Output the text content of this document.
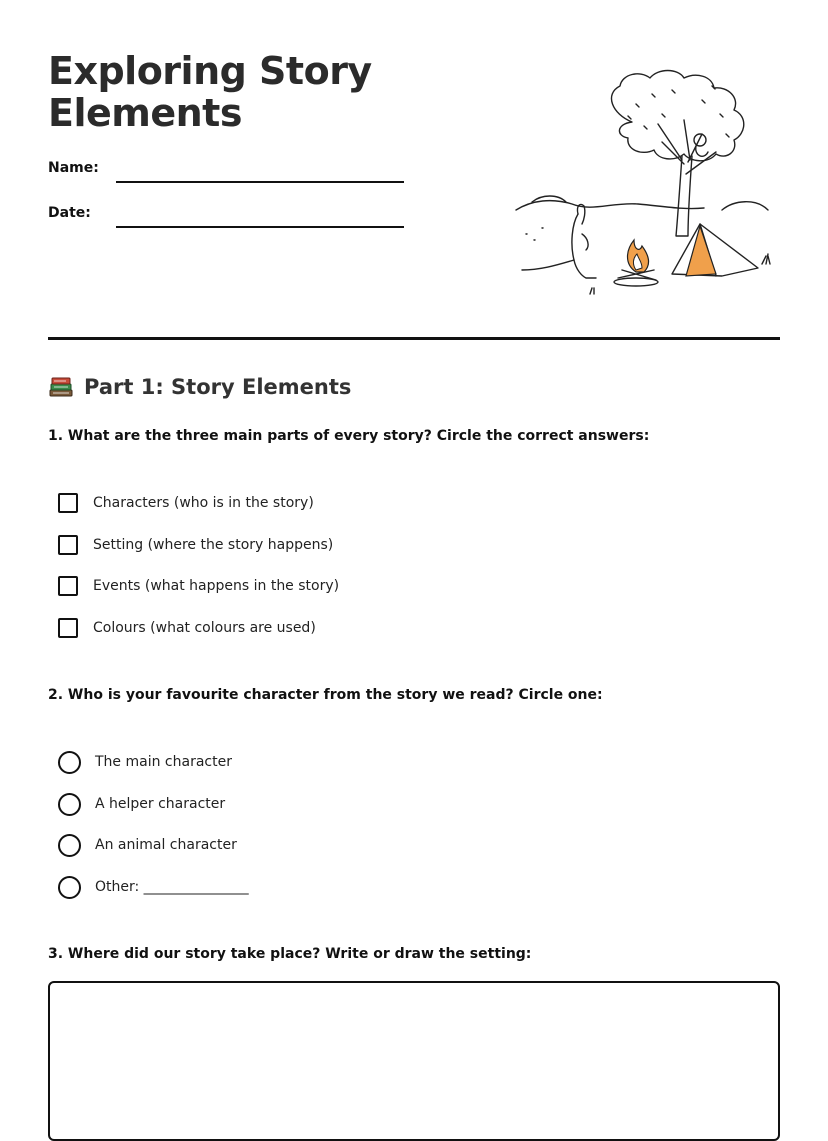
Exploring Story Elements
Name:
Date:
Part 1: Story Elements

1. What are the three main parts of every story? Circle the correct answers:

Characters (who is in the story)
Setting (where the story happens)
Events (what happens in the story)
Colours (what colours are used)

2. Who is your favourite character from the story we read? Circle one:

The main character
A helper character
An animal character
Other: _______________

3. Where did our story take place? Write or draw the setting:
